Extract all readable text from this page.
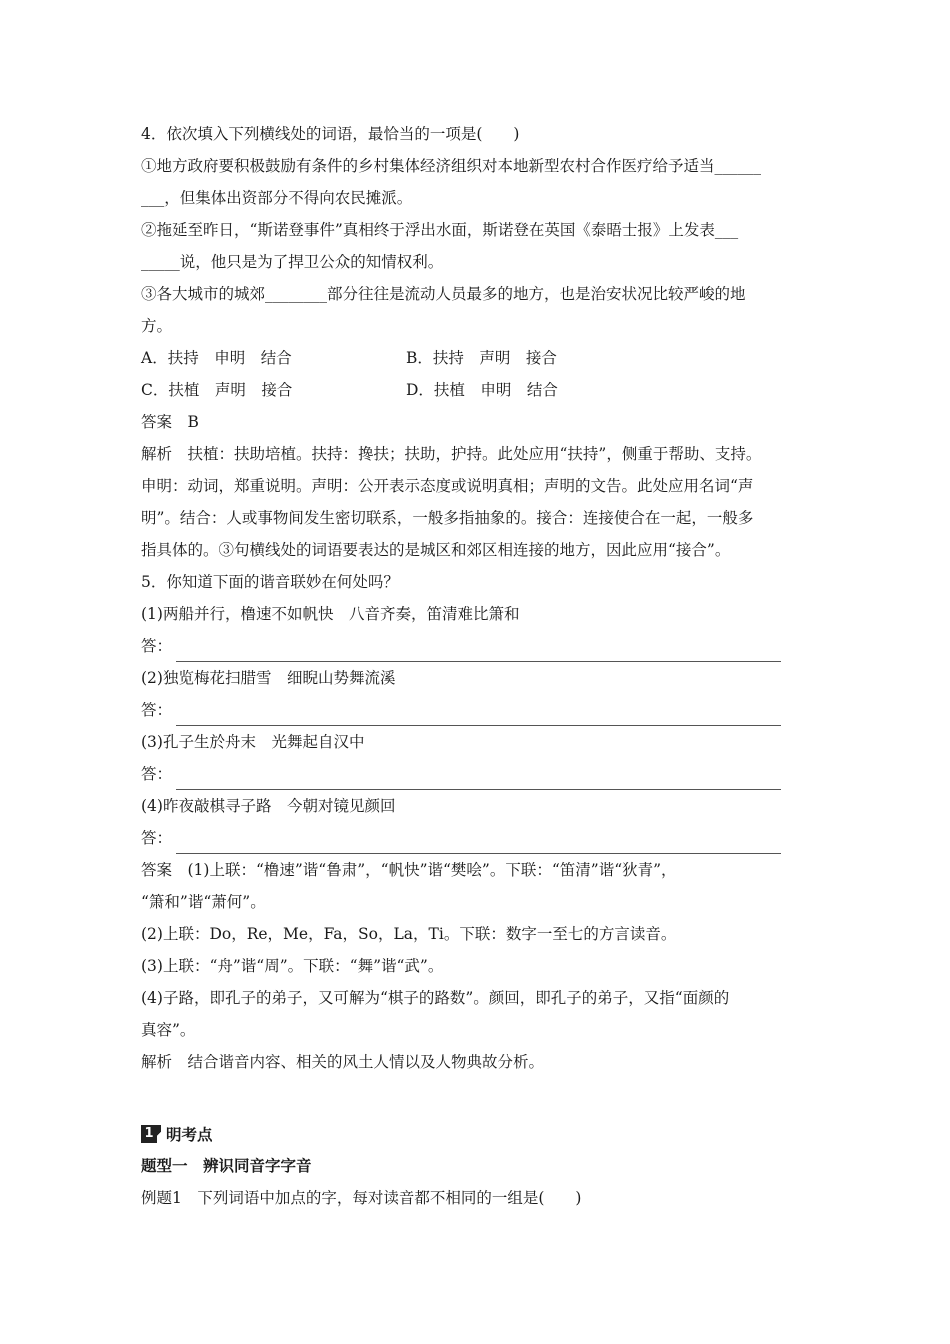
4．依次填入下列横线处的词语，最恰当的一项是(　　)
①地方政府要积极鼓励有条件的乡村集体经济组织对本地新型农村合作医疗给予适当______
___，但集体出资部分不得向农民摊派。
②拖延至昨日，“斯诺登事件”真相终于浮出水面，斯诺登在英国《泰晤士报》上发表___
_____说，他只是为了捍卫公众的知情权利。
③各大城市的城郊________部分往往是流动人员最多的地方，也是治安状况比较严峻的地
方。
A．扶持　申明　结合	B．扶持　声明　接合
C．扶植　声明　接合	D．扶植　申明　结合
答案　B
解析　扶植：扶助培植。扶持：搀扶；扶助，护持。此处应用“扶持”，侧重于帮助、支持。
申明：动词，郑重说明。声明：公开表示态度或说明真相；声明的文告。此处应用名词“声
明”。结合：人或事物间发生密切联系，一般多指抽象的。接合：连接使合在一起，一般多
指具体的。③句横线处的词语要表达的是城区和郊区相连接的地方，因此应用“接合”。
5．你知道下面的谐音联妙在何处吗？
(1)两船并行，橹速不如帆快　八音齐奏，笛清难比箫和
答：
(2)独览梅花扫腊雪　细睨山势舞流溪
答：
(3)孔子生於舟末　光舞起自汉中
答：
(4)昨夜敲棋寻子路　今朝对镜见颜回
答：
答案　(1)上联：“橹速”谐“鲁肃”，“帆快”谐“樊哙”。下联：“笛清”谐“狄青”，
“箫和”谐“萧何”。
(2)上联：Do，Re，Me，Fa，So，La，Ti。下联：数字一至七的方言读音。
(3)上联：“舟”谐“周”。下联：“舞”谐“武”。
(4)子路，即孔子的弟子，又可解为“棋子的路数”。颜回，即孔子的弟子，又指“面颜的
真容”。
解析　结合谐音内容、相关的风土人情以及人物典故分析。
1 明考点
题型一　辨识同音字字音
例题1　下列词语中加点的字，每对读音都不相同的一组是(　　)
